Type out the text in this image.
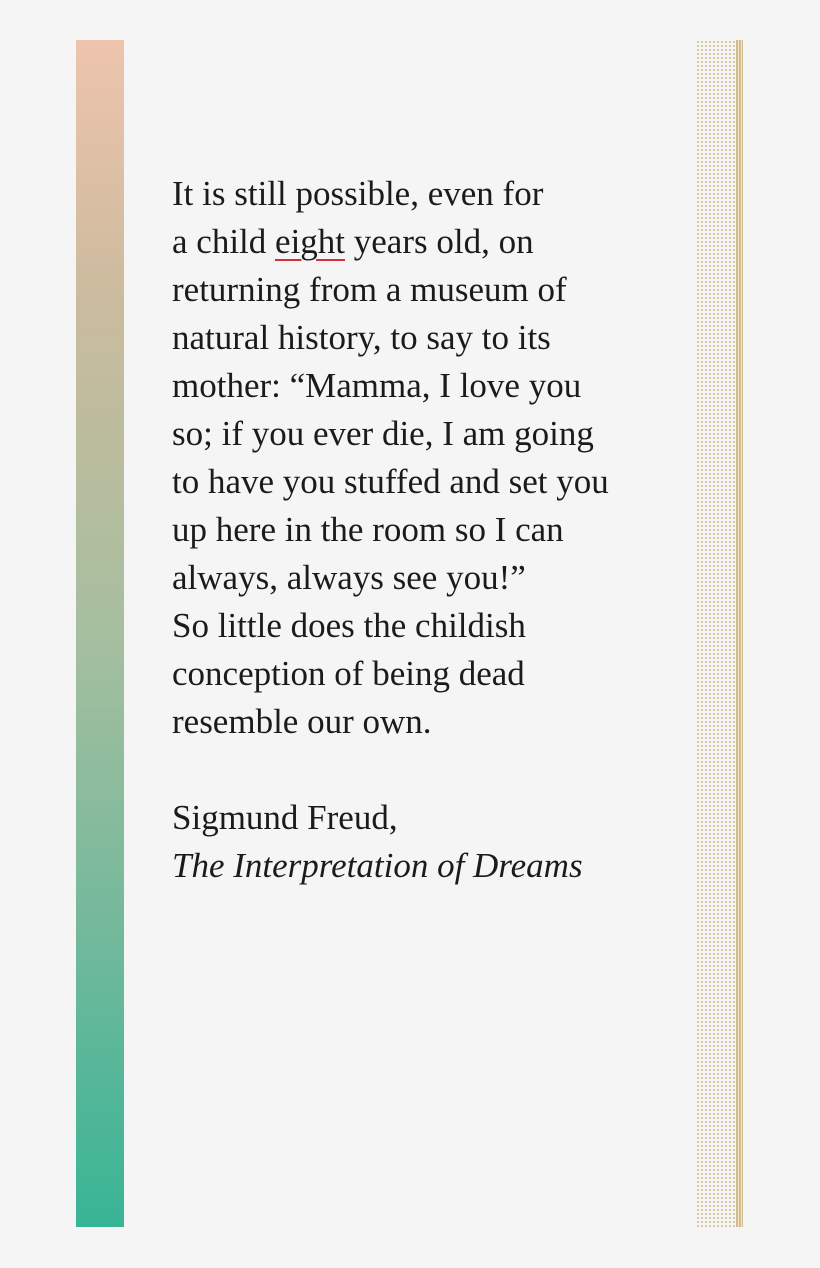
It is still possible, even for
a child eight years old, on
returning from a museum of
natural history, to say to its
mother: “Mamma, I love you
so; if you ever die, I am going
to have you stuffed and set you
up here in the room so I can
always, always see you!”
So little does the childish
conception of being dead
resemble our own.
Sigmund Freud,
The Interpretation of Dreams
